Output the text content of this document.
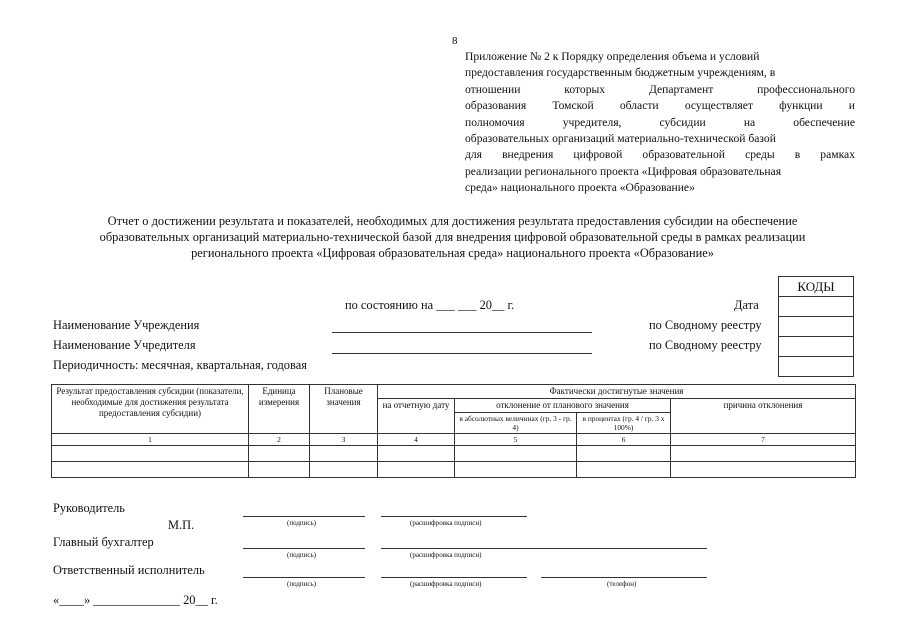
8
Приложение № 2 к Порядку определения объема и условий
предоставления государственным бюджетным учреждениям, в
отношении которых Департамент профессионального
образования Томской области осуществляет функции и
полномочия учредителя, субсидии на обеспечение
образовательных организаций материально-технической базой
для внедрения цифровой образовательной среды в рамках
реализации регионального проекта «Цифровая образовательная
среда» национального проекта «Образование»
Отчет о достижении результата и показателей, необходимых для достижения результата предоставления субсидии на обеспечение
образовательных организаций материально-технической базой для внедрения цифровой образовательной среды в рамках реализации
регионального проекта «Цифровая образовательная среда» национального проекта «Образование»
КОДЫ

по состоянию на ___ ___ 20__ г.	Дата
по Сводному реестру
по Сводному реестру
Наименование Учреждения
Наименование Учредителя
Периодичность: месячная, квартальная, годовая
Результат предоставления субсидии (показатели, необходимые для достижения результата предоставления субсидии)	Единица измерения	Плановые значения	Фактически достигнутые значения			
			на отчетную дату	отклонение от планового значения		причина отклонения
				в абсолютных величинах (гр. 3 - гр. 4)	в процентах (гр. 4 / гр. 3 х 100%)	
1	2	3	4	5	6	7

Руководитель
М.П.	(подпись)	(расшифровка подписи)
Главный бухгалтер
(подпись)	(расшифровка подписи)
Ответственный исполнитель
(подпись)	(расшифровка подписи)	(телефон)
«____» ______________ 20__ г.
